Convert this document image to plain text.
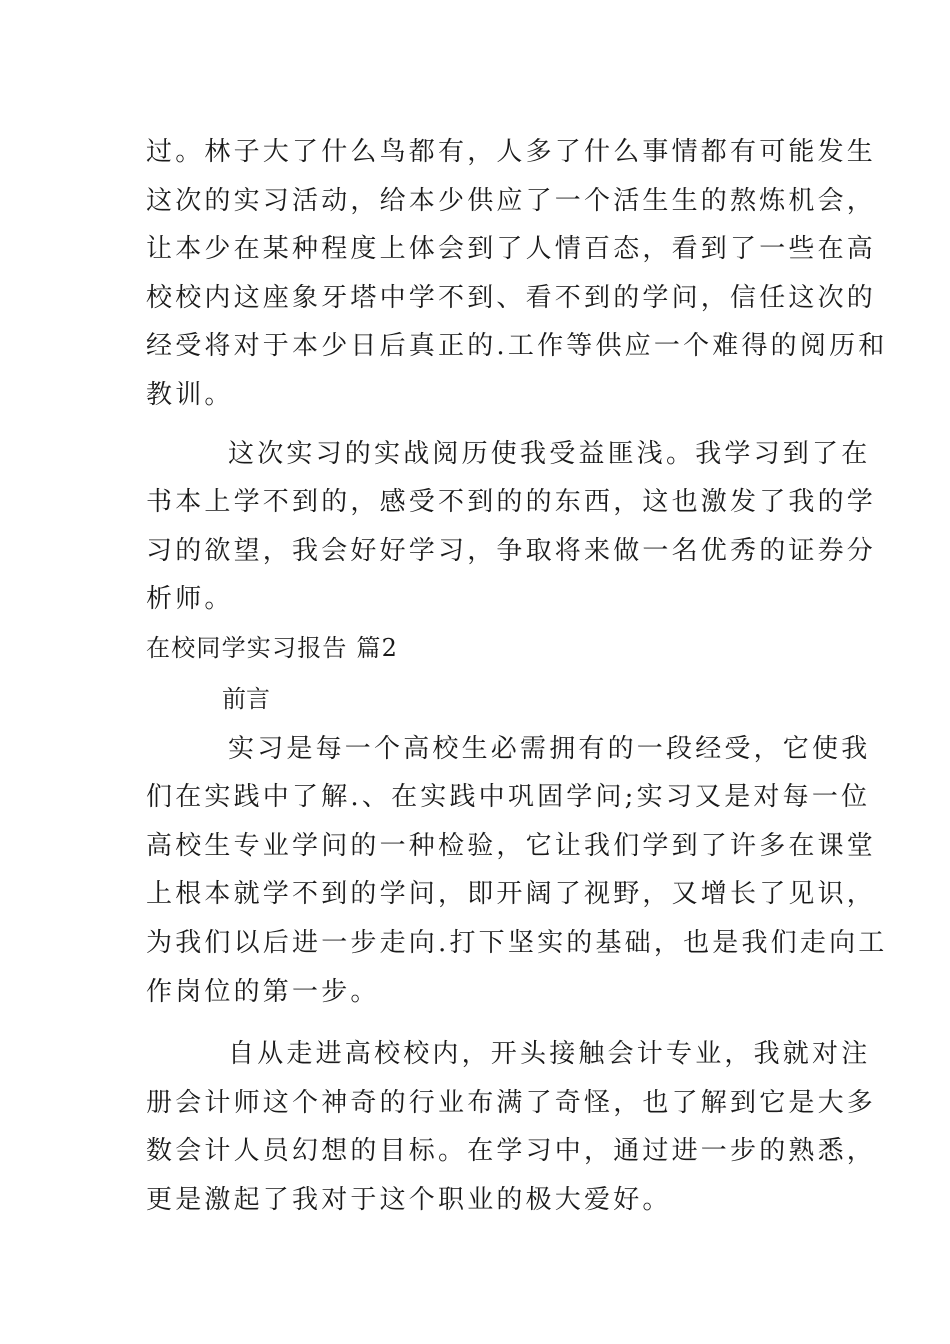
过。林子大了什么鸟都有，人多了什么事情都有可能发生
这次的实习活动，给本少供应了一个活生生的熬炼机会，
让本少在某种程度上体会到了人情百态，看到了一些在高
校校内这座象牙塔中学不到、看不到的学问，信任这次的
经受将对于本少日后真正的.工作等供应一个难得的阅历和
教训。
这次实习的实战阅历使我受益匪浅。我学习到了在
书本上学不到的，感受不到的的东西，这也激发了我的学
习的欲望，我会好好学习，争取将来做一名优秀的证券分
析师。
在校同学实习报告 篇2
前言
实习是每一个高校生必需拥有的一段经受，它使我
们在实践中了解.、在实践中巩固学问;实习又是对每一位
高校生专业学问的一种检验，它让我们学到了许多在课堂
上根本就学不到的学问，即开阔了视野，又增长了见识，
为我们以后进一步走向.打下坚实的基础，也是我们走向工
作岗位的第一步。
自从走进高校校内，开头接触会计专业，我就对注
册会计师这个神奇的行业布满了奇怪，也了解到它是大多
数会计人员幻想的目标。在学习中，通过进一步的熟悉，
更是激起了我对于这个职业的极大爱好。
